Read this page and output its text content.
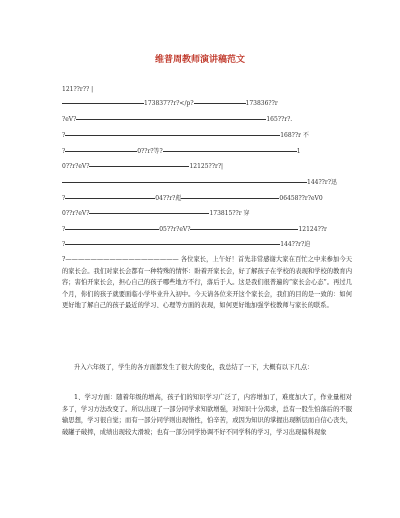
维普周教师演讲稿范文
121??r?? |
173837??r?</p?	173836??r
?eV?	165??r?.
?	168??r 不
?	0??r?等?	1
0??r?eV?	12125??r?|
144??r?迅
?	04??r?彪	06458??r?eV0
0??r?eV?	173815??r 穿
?	05??r?eV?	12124??r
?	144??r?迫
?—————————————————— 各位家长，上午好！首先非常感谢大家在百忙之中来参加今天的家长会。我们对家长会都有一种特殊的情怀：盼着开家长会，好了解孩子在学校的表现和学校的教育内容；害怕开家长会，担心自己的孩子哪些地方不行，落后于人。这是我们很普遍的“家长会心态”。再过几个月，你们的孩子就要面临小学毕业升入初中。今天请各位来开这个家长会，我们的目的是一致的：如何更好地了解自己的孩子最近的学习、心理等方面的表现，如何更好地加强学校教师与家长的联系。
升入六年级了，学生的各方面都发生了很大的变化，我总结了一下，大概有以下几点：
1、学习方面：随着年级的增高，孩子们的知识学习广泛了，内容增加了，难度加大了，作业量相对多了，学习方法改变了。所以出现了一部分同学求知欲增强，对知识十分渴求，总有一股生怕落后的不服输思想，学习很自觉；而有一部分同学则出现惰性，怕辛苦，或因为知识的掌握出现断层而自信心丧失，破罐子破摔，成绩出现较大滑坡；也有一部分同学协调不好不同学科的学习，学习出现偏科现象
